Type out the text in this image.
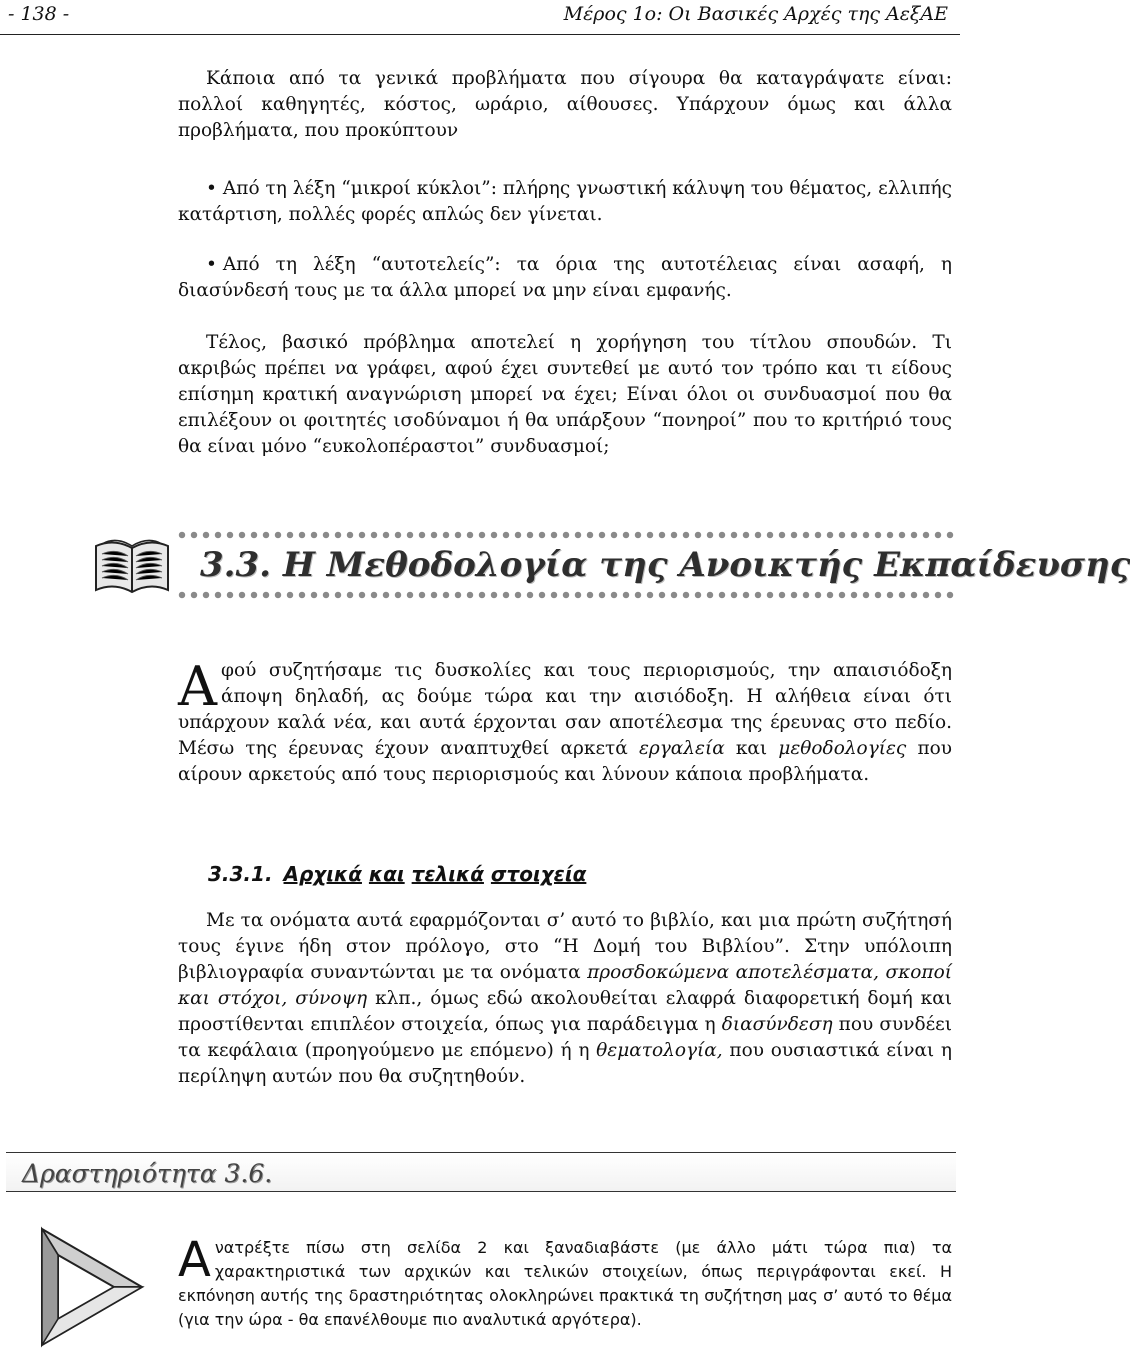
- 138 -	Μέρος 1ο: Οι Βασικές Αρχές της ΑεξΑΕ
Κάποια από τα γενικά προβλήματα που σίγουρα θα καταγράψατε είναι: πολλοί καθηγητές, κόστος, ωράριο, αίθουσες. Υπάρχουν όμως και άλλα προβλήματα, που προκύπτουν
• Από τη λέξη “μικροί κύκλοι”: πλήρης γνωστική κάλυψη του θέματος, ελλιπής κατάρτιση, πολλές φορές απλώς δεν γίνεται.
• Από τη λέξη “αυτοτελείς”: τα όρια της αυτοτέλειας είναι ασαφή, η διασύνδεσή τους με τα άλλα μπορεί να μην είναι εμφανής.
Τέλος, βασικό πρόβλημα αποτελεί η χορήγηση του τίτλου σπουδών. Τι ακριβώς πρέπει να γράφει, αφού έχει συντεθεί με αυτό τον τρόπο και τι είδους επίσημη κρατική αναγνώριση μπορεί να έχει; Είναι όλοι οι συνδυασμοί που θα επιλέξουν οι φοιτητές ισοδύναμοι ή θα υπάρξουν “πονηροί” που το κριτήριό τους θα είναι μόνο “ευκολοπέραστοι” συνδυασμοί;
3.3. Η Μεθοδολογία της Ανοικτής Εκπαίδευσης
Αφού συζητήσαμε τις δυσκολίες και τους περιορισμούς, την απαισιόδοξη άποψη δηλαδή, ας δούμε τώρα και την αισιόδοξη. Η αλήθεια είναι ότι υπάρχουν καλά νέα, και αυτά έρχονται σαν αποτέλεσμα της έρευνας στο πεδίο. Μέσω της έρευνας έχουν αναπτυχθεί αρκετά εργαλεία και μεθοδολογίες που αίρουν αρκετούς από τους περιορισμούς και λύνουν κάποια προβλήματα.
3.3.1. Αρχικά και τελικά στοιχεία
Με τα ονόματα αυτά εφαρμόζονται σ’ αυτό το βιβλίο, και μια πρώτη συζήτησή τους έγινε ήδη στον πρόλογο, στο “Η Δομή του Βιβλίου”. Στην υπόλοιπη βιβλιογραφία συναντώνται με τα ονόματα προσδοκώμενα αποτελέσματα, σκοποί και στόχοι, σύνοψη κλπ., όμως εδώ ακολουθείται ελαφρά διαφορετική δομή και προστίθενται επιπλέον στοιχεία, όπως για παράδειγμα η διασύνδεση που συνδέει τα κεφάλαια (προηγούμενο με επόμενο) ή η θεματολογία, που ουσιαστικά είναι η περίληψη αυτών που θα συζητηθούν.
Δραστηριότητα 3.6.
Ανατρέξτε πίσω στη σελίδα 2 και ξαναδιαβάστε (με άλλο μάτι τώρα πια) τα χαρακτηριστικά των αρχικών και τελικών στοιχείων, όπως περιγράφονται εκεί. Η εκπόνηση αυτής της δραστηριότητας ολοκληρώνει πρακτικά τη συζήτηση μας σ’ αυτό το θέμα (για την ώρα - θα επανέλθουμε πιο αναλυτικά αργότερα).
